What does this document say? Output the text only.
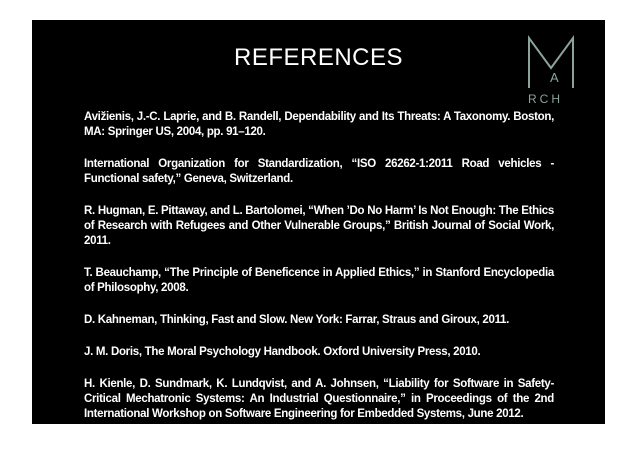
REFERENCES
A
RCH

Aviz̆ienis, J.-C. Laprie, and B. Randell, Dependability and Its Threats: A Taxonomy. Boston, MA: Springer US, 2004, pp. 91–120.

International Organization for Standardization, “ISO 26262-1:2011 Road vehicles - Functional safety,” Geneva, Switzerland.

R. Hugman, E. Pittaway, and L. Bartolomei, “When ’Do No Harm’ Is Not Enough: The Ethics of Research with Refugees and Other Vulnerable Groups,” British Journal of Social Work, 2011.

T. Beauchamp, “The Principle of Beneficence in Applied Ethics,” in Stanford Encyclopedia of Philosophy, 2008.

D. Kahneman, Thinking, Fast and Slow. New York: Farrar, Straus and Giroux, 2011.

J. M. Doris, The Moral Psychology Handbook. Oxford University Press, 2010.

H. Kienle, D. Sundmark, K. Lundqvist, and A. Johnsen, “Liability for Software in Safety-Critical Mechatronic Systems: An Industrial Questionnaire,” in Proceedings of the 2nd International Workshop on Software Engineering for Embedded Systems, June 2012.
